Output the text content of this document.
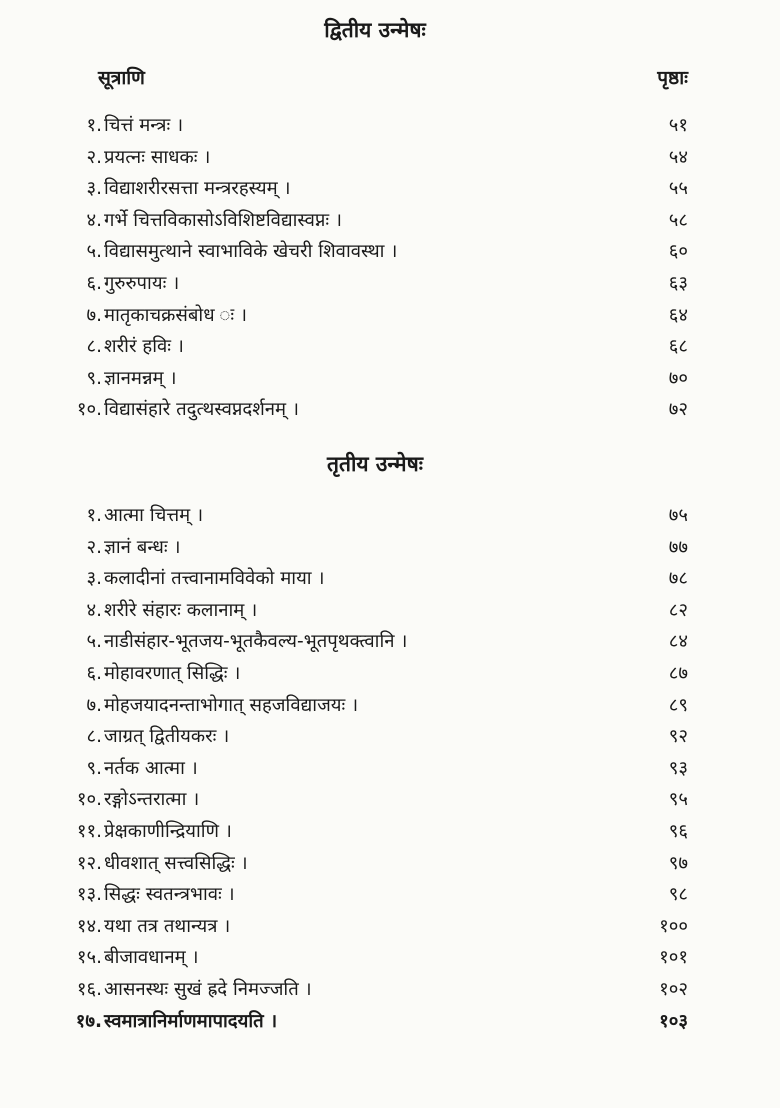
द्वितीय उन्मेषः
सूत्राणि	पृष्ठाः
१. चित्तं मन्त्रः ।	५१
२. प्रयत्नः साधकः ।	५४
३. विद्याशरीरसत्ता मन्त्ररहस्यम् ।	५५
४. गर्भे चित्तविकासोऽविशिष्टविद्यास्वप्नः ।	५८
५. विद्यासमुत्थाने स्वाभाविके खेचरी शिवावस्था ।	६०
६. गुरुरुपायः ।	६३
७. मातृकाचक्रसंबोध ः ।	६४
८. शरीरं हविः ।	६८
९. ज्ञानमन्नम् ।	७०
१०. विद्यासंहारे तदुत्थस्वप्नदर्शनम् ।	७२
तृतीय उन्मेषः
१. आत्मा चित्तम् ।	७५
२. ज्ञानं बन्धः ।	७७
३. कलादीनां तत्त्वानामविवेको माया ।	७८
४. शरीरे संहारः कलानाम् ।	८२
५. नाडीसंहार-भूतजय-भूतकैवल्य-भूतपृथक्त्वानि ।	८४
६. मोहावरणात् सिद्धिः ।	८७
७. मोहजयादनन्ताभोगात् सहजविद्याजयः ।	८९
८. जाग्रत् द्वितीयकरः ।	९२
९. नर्तक आत्मा ।	९३
१०. रङ्गोऽन्तरात्मा ।	९५
११. प्रेक्षकाणीन्द्रियाणि ।	९६
१२. धीवशात् सत्त्वसिद्धिः ।	९७
१३. सिद्धः स्वतन्त्रभावः ।	९८
१४. यथा तत्र तथान्यत्र ।	१००
१५. बीजावधानम् ।	१०१
१६. आसनस्थः सुखं ह्रदे निमज्जति ।	१०२
१७. स्वमात्रानिर्माणमापादयति ।	१०३
